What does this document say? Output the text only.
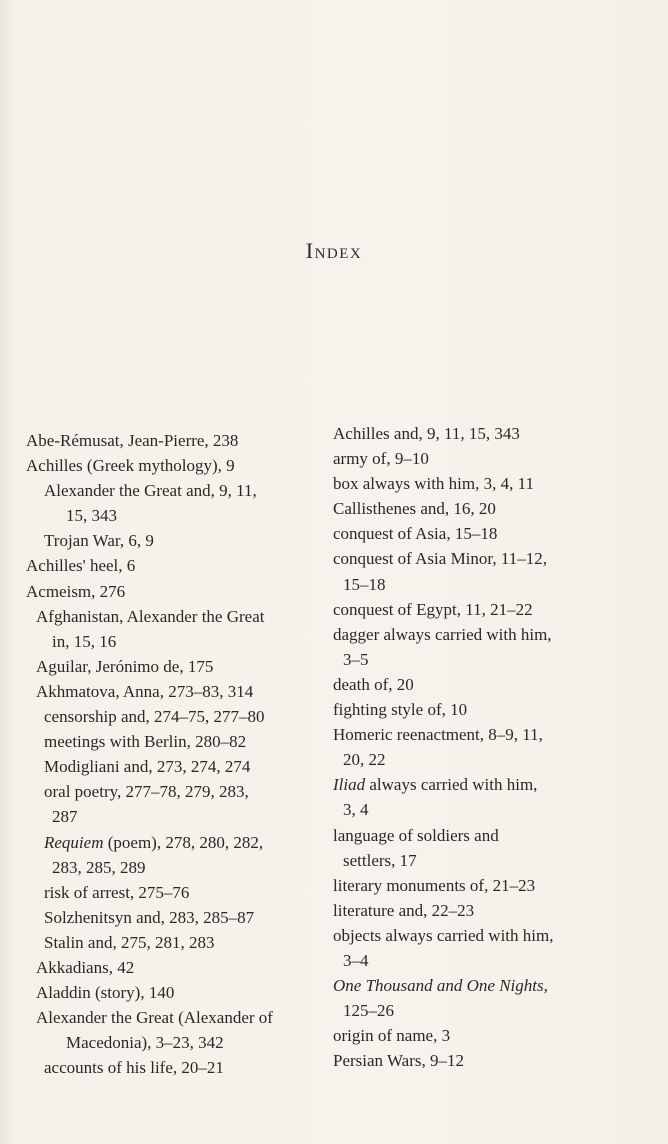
Index
Abe-Rémusat, Jean-Pierre, 238
Achilles (Greek mythology), 9
Alexander the Great and, 9, 11,
15, 343
Trojan War, 6, 9
Achilles' heel, 6
Acmeism, 276
Afghanistan, Alexander the Great
in, 15, 16
Aguilar, Jerónimo de, 175
Akhmatova, Anna, 273–83, 314
censorship and, 274–75, 277–80
meetings with Berlin, 280–82
Modigliani and, 273, 274, 274
oral poetry, 277–78, 279, 283,
287
Requiem (poem), 278, 280, 282,
283, 285, 289
risk of arrest, 275–76
Solzhenitsyn and, 283, 285–87
Stalin and, 275, 281, 283
Akkadians, 42
Aladdin (story), 140
Alexander the Great (Alexander of
Macedonia), 3–23, 342
accounts of his life, 20–21
Achilles and, 9, 11, 15, 343
army of, 9–10
box always with him, 3, 4, 11
Callisthenes and, 16, 20
conquest of Asia, 15–18
conquest of Asia Minor, 11–12,
15–18
conquest of Egypt, 11, 21–22
dagger always carried with him,
3–5
death of, 20
fighting style of, 10
Homeric reenactment, 8–9, 11,
20, 22
Iliad always carried with him,
3, 4
language of soldiers and
settlers, 17
literary monuments of, 21–23
literature and, 22–23
objects always carried with him,
3–4
One Thousand and One Nights,
125–26
origin of name, 3
Persian Wars, 9–12
